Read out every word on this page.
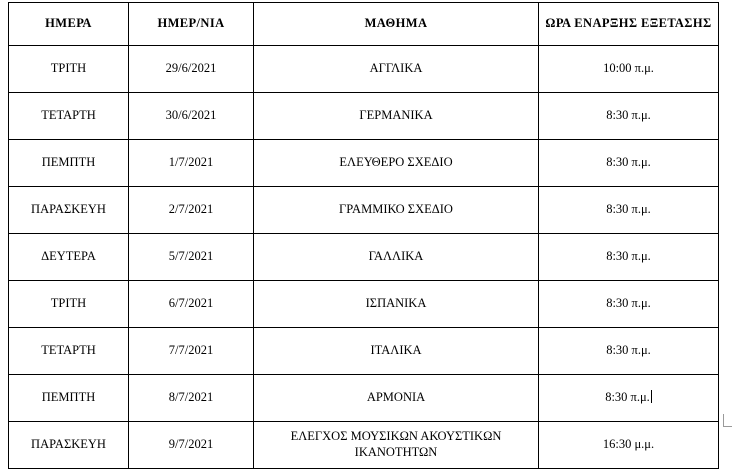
ΗΜΕΡΑ	ΗΜΕΡ/ΝΙΑ	ΜΑΘΗΜΑ	ΩΡΑ ΕΝΑΡΞΗΣ ΕΞΕΤΑΣΗΣ
ΤΡΙΤΗ	29/6/2021	ΑΓΓΛΙΚΑ	10:00 π.μ.
ΤΕΤΑΡΤΗ	30/6/2021	ΓΕΡΜΑΝΙΚΑ	8:30 π.μ.
ΠΕΜΠΤΗ	1/7/2021	ΕΛΕΥΘΕΡΟ ΣΧΕΔΙΟ	8:30 π.μ.
ΠΑΡΑΣΚΕΥΗ	2/7/2021	ΓΡΑΜΜΙΚΟ ΣΧΕΔΙΟ	8:30 π.μ.
ΔΕΥΤΕΡΑ	5/7/2021	ΓΑΛΛΙΚΑ	8:30 π.μ.
ΤΡΙΤΗ	6/7/2021	ΙΣΠΑΝΙΚΑ	8:30 π.μ.
ΤΕΤΑΡΤΗ	7/7/2021	ΙΤΑΛΙΚΑ	8:30 π.μ.
ΠΕΜΠΤΗ	8/7/2021	ΑΡΜΟΝΙΑ	8:30 π.μ.
ΠΑΡΑΣΚΕΥΗ	9/7/2021	ΕΛΕΓΧΟΣ ΜΟΥΣΙΚΩΝ ΑΚΟΥΣΤΙΚΩΝ ΙΚΑΝΟΤΗΤΩΝ	16:30 μ.μ.
